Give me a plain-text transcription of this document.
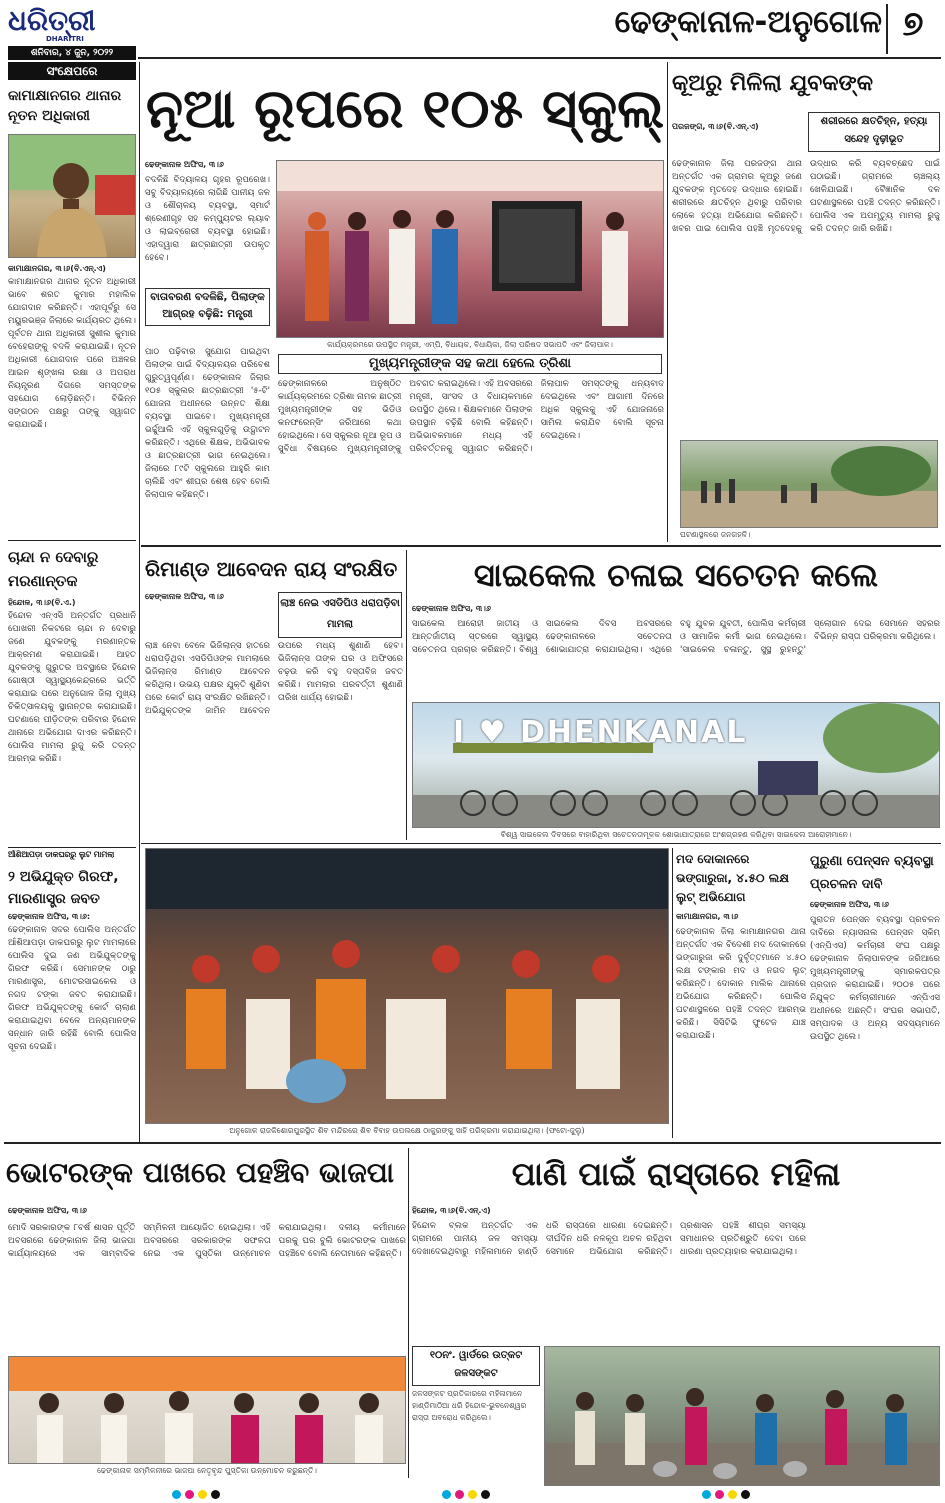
ଧରିତ୍ରୀ
DHARITRI
ଶନିବାର, ୪ ଜୁନ, ୨୦୨୨
ଢେଙ୍କାନାଳ-ଅନୁଗୋଳ ୭
ସଂକ୍ଷେପରେ
କାମାକ୍ଷାନଗର ଥାନାର ନୂତନ ଅଧିକାରୀ
କାମାକ୍ଷାନଗର, ୩।୬(ବି.ଏନ୍.ଏ)
କାମାକ୍ଷାନଗର ଥାନାର ନୂତନ ଅଧିକାରୀ ଭାବେ ଶରତ କୁମାର ମହାଲିକ ଯୋଗଦାନ କରିଛନ୍ତି। ଏହାପୂର୍ବରୁ ସେ ମୟୁରଭଞ୍ଜ ଜିଲାରେ କାର୍ଯ୍ୟରତ ଥିଲେ। ପୂର୍ବତନ ଥାନା ଅଧିକାରୀ ସୁଶୀଲ କୁମାର ବେହେରାଙ୍କୁ ବଦଳି କରାଯାଇଛି। ନୂତନ ଅଧିକାରୀ ଯୋଗଦାନ ପରେ ଅଞ୍ଚଳର ଆଇନ ଶୃଙ୍ଖଳା ରକ୍ଷା ଓ ଅପରାଧ ନିୟନ୍ତ୍ରଣ ଦିଗରେ ସମସ୍ତଙ୍କ ସହଯୋଗ ଲୋଡ଼ିଛନ୍ତି। ବିଭିନ୍ନ ସଙ୍ଗଠନ ପକ୍ଷରୁ ତାଙ୍କୁ ସ୍ୱାଗତ କରାଯାଇଛି।
ଚାନ୍ଦା ନ ଦେବାରୁ ମରଣାନ୍ତକ
ହିନ୍ଦୋଳ, ୩।୬(ବି.ଏ.)
ହିନ୍ଦୋଳ ଏନ୍ଏସି ଅନ୍ତର୍ଗତ ପ୍ରଧାନି ପୋଖରୀ ନିକଟରେ ଚାନ୍ଦା ନ ଦେବାରୁ ଜଣେ ଯୁବକଙ୍କୁ ମରଣାନ୍ତକ ଆକ୍ରମଣ କରାଯାଇଛି। ଆହତ ଯୁବକଙ୍କୁ ଗୁରୁତର ଅବସ୍ଥାରେ ହିନ୍ଦୋଳ ଗୋଷ୍ଠୀ ସ୍ୱାସ୍ଥ୍ୟକେନ୍ଦ୍ରରେ ଭର୍ତ୍ତି କରାଯାଇ ପରେ ଅନୁଗୋଳ ଜିଲା ମୁଖ୍ୟ ଚିକିତ୍ସାଳୟକୁ ସ୍ଥାନାନ୍ତର କରାଯାଇଛି। ଘଟଣାରେ ପୀଡ଼ିତଙ୍କ ପରିବାର ହିନ୍ଦୋଳ ଥାନାରେ ଅଭିଯୋଗ ଦାଏର କରିଛନ୍ତି। ପୋଲିସ ମାମଲା ରୁଜୁ କରି ତଦନ୍ତ ଆରମ୍ଭ କରିଛି।
ଆଁଶିଆପଡ଼ା ଡାକଘରରୁ ଲୁଟ ମାମଲା
୨ ଅଭିଯୁକ୍ତ ଗିରଫ, ମାରଣାସ୍ତ୍ର ଜବତ
ଢେଙ୍କାନାଳ ଅଫିସ, ୩।୬:
ଢେଙ୍କାନାଳ ସଦର ପୋଲିସ ଅନ୍ତର୍ଗତ ଆଁଶିଆପଡ଼ା ଡାକଘରରୁ ଲୁଟ ମାମଲାରେ ପୋଲିସ ଦୁଇ ଜଣ ଅଭିଯୁକ୍ତଙ୍କୁ ଗିରଫ କରିଛି। ସେମାନଙ୍କ ଠାରୁ ମାରଣାସ୍ତ୍ର, ମୋଟରସାଇକେଲ ଓ ନଗଦ ଟଙ୍କା ଜବତ କରାଯାଇଛି। ଗିରଫ ଅଭିଯୁକ୍ତଙ୍କୁ କୋର୍ଟ ଚାଲାଣ କରାଯାଇଥିବା ବେଳେ ଅନ୍ୟମାନଙ୍କ ସନ୍ଧାନ ଜାରି ରହିଛି ବୋଲି ପୋଲିସ ସୂଚନା ଦେଇଛି।
ନୂଆ ରୂପରେ ୧୦୫ ସ୍କୁଲ୍
ଢେଙ୍କାନାଳ ଅଫିସ, ୩।୬
ବଦଳିଛି ବିଦ୍ୟାଳୟ ଗୃହର ରୂପରେଖ। ସବୁ ବିଦ୍ୟାଳୟରେ ଲାଗିଛି ପାନୀୟ ଜଳ ଓ ଶୌଚାଳୟ ବ୍ୟବସ୍ଥା, ସ୍ମାର୍ଟ ଶ୍ରେଣୀଗୃହ ସହ କମ୍ପ୍ୟୁଟର ଲ୍ୟାବ ଓ ଲାଇବ୍ରେରୀ ବ୍ୟବସ୍ଥା ହୋଇଛି। ଏହାଦ୍ୱାରା ଛାତ୍ରଛାତ୍ରୀ ଉପକୃତ ହେବେ।
ବାତାବରଣ ବଦଳିଛି, ପିଲାଙ୍କ ଆଗ୍ରହ ବଢ଼ିଛି: ମନ୍ତ୍ରୀ
କାର୍ଯ୍ୟକ୍ରମରେ ଉପସ୍ଥିତ ମନ୍ତ୍ରୀ, ଏମ୍ପି, ବିଧାୟକ, ବିଧାୟିକା, ଜିଲା ପରିଷଦ ସଭାପତି ଏବଂ ଜିଲାପାଳ।
ପାଠ ପଢ଼ିବାର ସୁଯୋଗ ପାଇଥିବା ପିଲାଙ୍କ ପାଇଁ ବିଦ୍ୟାଳୟର ପରିବେଶ ଗୁରୁତ୍ୱପୂର୍ଣ୍ଣ। ଢେଙ୍କାନାଳ ଜିଲାର ୧୦୫ ସ୍କୁଲର ଛାତ୍ରଛାତ୍ରୀ '୫-ଟି' ଯୋଜନା ଅଧୀନରେ ଉନ୍ନତ ଶିକ୍ଷା ବ୍ୟବସ୍ଥା ପାଇବେ। ମୁଖ୍ୟମନ୍ତ୍ରୀ ଭର୍ଚ୍ଚୁଆଲି ଏହି ସ୍କୁଲଗୁଡ଼ିକୁ ଉଦ୍ଘାଟନ କରିଛନ୍ତି। ଏଥିରେ ଶିକ୍ଷକ, ଅଭିଭାବକ ଓ ଛାତ୍ରଛାତ୍ରୀ ଭାଗ ନେଇଥିଲେ। ଜିଲାରେ ୮୯ଟି ସ୍କୁଲରେ ଆହୁରି କାମ ଚାଲିଛି ଏବଂ ଶୀଘ୍ର ଶେଷ ହେବ ବୋଲି ଜିଲାପାଳ କହିଛନ୍ତି।
ମୁଖ୍ୟମନ୍ତ୍ରୀଙ୍କ ସହ କଥା ହେଲେ ତ୍ରିଶା
ଢେଙ୍କାନାଳରେ ଅନୁଷ୍ଠିତ କାର୍ଯ୍ୟକ୍ରମରେ ତ୍ରିଶା ନାମକ ଛାତ୍ରୀ ମୁଖ୍ୟମନ୍ତ୍ରୀଙ୍କ ସହ ଭିଡିଓ କନଫରେନ୍ସିଂ ଜରିଆରେ କଥା ହୋଇଥିଲେ। ସେ ସ୍କୁଲର ନୂଆ ରୂପ ଓ ସୁବିଧା ବିଷୟରେ ମୁଖ୍ୟମନ୍ତ୍ରୀଙ୍କୁ ଅବଗତ କରାଇଥିଲେ। ଏହି ଅବସରରେ ମନ୍ତ୍ରୀ, ସାଂସଦ ଓ ବିଧାୟକମାନେ ଉପସ୍ଥିତ ଥିଲେ। ଶିକ୍ଷକମାନେ ପିଲାଙ୍କ ଉପସ୍ଥାନ ବଢ଼ିଛି ବୋଲି କହିଛନ୍ତି। ଅଭିଭାବକମାନେ ମଧ୍ୟ ଏହି ପରିବର୍ତ୍ତନକୁ ସ୍ୱାଗତ କରିଛନ୍ତି। ଜିଲାପାଳ ସମସ୍ତଙ୍କୁ ଧନ୍ୟବାଦ ଦେଇଥିଲେ ଏବଂ ଆଗାମୀ ଦିନରେ ଅଧିକ ସ୍କୁଲକୁ ଏହି ଯୋଜନାରେ ସାମିଲ କରାଯିବ ବୋଲି ସୂଚନା ଦେଇଥିଲେ।
କୂଅରୁ ମିଳିଲା ଯୁବକଙ୍କ
ପରଜଙ୍ଗ, ୩।୬(ବି.ଏନ୍.ଏ)	ଶରୀରରେ କ୍ଷତଚିହ୍ନ, ହତ୍ୟା ସନ୍ଦେହ ଦୃଢ଼ୀଭୂତ
ଢେଙ୍କାନାଳ ଜିଲା ପରଜଙ୍ଗ ଥାନା ଅନ୍ତର୍ଗତ ଏକ ଗ୍ରାମର କୂଅରୁ ଜଣେ ଯୁବକଙ୍କ ମୃତଦେହ ଉଦ୍ଧାର ହୋଇଛି। ଶରୀରରେ କ୍ଷତଚିହ୍ନ ଥିବାରୁ ପରିବାର ଲୋକେ ହତ୍ୟା ଅଭିଯୋଗ କରିଛନ୍ତି। ଖବର ପାଇ ପୋଲିସ ପହଞ୍ଚି ମୃତଦେହକୁ ଉଦ୍ଧାର କରି ବ୍ୟବଚ୍ଛେଦ ପାଇଁ ପଠାଇଛି। ଗ୍ରାମରେ ଚାଞ୍ଚଲ୍ୟ ଖେଳିଯାଇଛି। ବୈଜ୍ଞାନିକ ଦଳ ଘଟଣାସ୍ଥଳରେ ପହଞ୍ଚି ତଦନ୍ତ କରିଛନ୍ତି। ପୋଲିସ ଏକ ଅପମୃତ୍ୟୁ ମାମଲା ରୁଜୁ କରି ତଦନ୍ତ ଜାରି ରଖିଛି।
ଘଟଣାସ୍ଥଳରେ ଜନଗହଳି।
ରିମାଣ୍ଡ ଆବେଦନ ରାୟ ସଂରକ୍ଷିତ
ଢେଙ୍କାନାଳ ଅଫିସ, ୩।୬
ଲାଞ୍ଚ ନେଇ ଏସଡିପିଓ ଧରାପଡ଼ିବା ମାମଲା
ଲାଞ୍ଚ ନେବା ବେଳେ ଭିଜିଲାନ୍ସ ହାତରେ ଧରାପଡ଼ିଥିବା ଏସଡିପିଓଙ୍କ ମାମଲାରେ ଭିଜିଲାନ୍ସ ରିମାଣ୍ଡ ଆବେଦନ କରିଥିଲା। ଉଭୟ ପକ୍ଷର ଯୁକ୍ତି ଶୁଣିବା ପରେ କୋର୍ଟ ରାୟ ସଂରକ୍ଷିତ ରଖିଛନ୍ତି। ଅଭିଯୁକ୍ତଙ୍କ ଜାମିନ ଆବେଦନ ଉପରେ ମଧ୍ୟ ଶୁଣାଣି ହେବ। ଭିଜିଲାନ୍ସ ତାଙ୍କ ଘର ଓ ଅଫିସରେ ଚଢ଼ଉ କରି ବହୁ ଦସ୍ତାବିଜ ଜବତ କରିଛି। ମାମଲାର ପରବର୍ତ୍ତୀ ଶୁଣାଣି ତାରିଖ ଧାର୍ଯ୍ୟ ହୋଇଛି।
ସାଇକେଲ ଚଳାଇ ସଚେତନ କଲେ
ଢେଙ୍କାନାଳ ଅଫିସ, ୩।୬
ସାଇକେଲ ଆରୋହୀ ଜାତୀୟ ଓ ଆନ୍ତର୍ଜାତୀୟ ସ୍ତରରେ ସ୍ୱାସ୍ଥ୍ୟ ସଚେତନତା ପ୍ରଚାର କରିଛନ୍ତି। ବିଶ୍ୱ ସାଇକେଲ ଦିବସ ଅବସରରେ ଢେଙ୍କାନାଳରେ ସଚେତନତା ଶୋଭାଯାତ୍ରା କରାଯାଇଥିଲା। ଏଥିରେ ବହୁ ଯୁବକ ଯୁବତୀ, ପୋଲିସ କର୍ମଚାରୀ ଓ ସାମାଜିକ କର୍ମୀ ଭାଗ ନେଇଥିଲେ। 'ସାଇକେଲ ଚଳାନ୍ତୁ, ସୁସ୍ଥ ରୁହନ୍ତୁ' ସ୍ଲୋଗାନ ଦେଇ ସେମାନେ ସହରର ବିଭିନ୍ନ ରାସ୍ତା ପରିକ୍ରମା କରିଥିଲେ।
I ♥ DHENKANAL
ବିଶ୍ୱ ସାଇକେଲ ଦିବସରେ ବାହାରିଥିବା ସଚେତନତାମୂଳକ ଶୋଭାଯାତ୍ରାରେ ଅଂଶଗ୍ରହଣ କରିଥିବା ସାଇକେଲ ଆରୋହୀମାନେ।
ଅନୁଗୋଳ ରାଜକିଶୋରପୁରସ୍ଥିତ ଶିବ ମନ୍ଦିରରେ ଶିବ ବିବାହ ଉପଲକ୍ଷେ ଠାକୁରଙ୍କୁ ସାହି ପରିକ୍ରମା କରାଯାଇଥିଲା। (ଫଟୋ-ଜୁଲୁ)
ମଦ ଦୋକାନରେ ଭଙ୍ଗାରୁଜା, ୪.୫୦ ଲକ୍ଷ ଲୁଟ୍ ଅଭିଯୋଗ
କାମାକ୍ଷାନଗର, ୩।୬
ଢେଙ୍କାନାଳ ଜିଲା କାମାକ୍ଷାନଗର ଥାନା ଅନ୍ତର୍ଗତ ଏକ ବିଦେଶୀ ମଦ ଦୋକାନରେ ଭଙ୍ଗାରୁଜା କରି ଦୁର୍ବୃତ୍ତମାନେ ୪.୫୦ ଲକ୍ଷ ଟଙ୍କାର ମଦ ଓ ନଗଦ ଲୁଟ୍ କରିଛନ୍ତି। ଦୋକାନ ମାଲିକ ଥାନାରେ ଅଭିଯୋଗ କରିଛନ୍ତି। ପୋଲିସ ଘଟଣାସ୍ଥଳରେ ପହଞ୍ଚି ତଦନ୍ତ ଆରମ୍ଭ କରିଛି। ସିସିଟିଭି ଫୁଟେଜ ଯାଞ୍ଚ କରାଯାଉଛି।
ପୁରୁଣା ପେନ୍ସନ ବ୍ୟବସ୍ଥା ପ୍ରଚଳନ ଦାବି
ଢେଙ୍କାନାଳ ଅଫିସ, ୩।୬
ପୁରାତନ ପେନ୍ସନ ବ୍ୟବସ୍ଥା ପ୍ରଚଳନ ଦାବିରେ ନ୍ୟାସନାଲ ପେନ୍ସନ ସ୍କିମ୍ (ଏନ୍ପିଏସ) କର୍ମଚାରୀ ସଂଘ ପକ୍ଷରୁ ଢେଙ୍କାନାଳ ଜିଲାପାଳଙ୍କ ଜରିଆରେ ମୁଖ୍ୟମନ୍ତ୍ରୀଙ୍କୁ ସ୍ମାରକପତ୍ର ପ୍ରଦାନ କରାଯାଇଛି। ୨୦୦୫ ପରେ ନିଯୁକ୍ତ କର୍ମଚାରୀମାନେ ଏନ୍ପିଏସ ଅଧୀନରେ ଅଛନ୍ତି। ସଂଘର ସଭାପତି, ସମ୍ପାଦକ ଓ ଅନ୍ୟ ସଦସ୍ୟମାନେ ଉପସ୍ଥିତ ଥିଲେ।
ଭୋଟରଙ୍କ ପାଖରେ ପହଞ୍ଚିବ ଭାଜପା
ଢେଙ୍କାନାଳ ଅଫିସ, ୩।୬
ମୋଦି ସରକାରଙ୍କ ୮ବର୍ଷ ଶାସନ ପୂର୍ତ୍ତି ଅବସରରେ ଢେଙ୍କାନାଳ ଜିଲା ଭାଜପା କାର୍ଯ୍ୟାଳୟରେ ଏକ ସାମ୍ବାଦିକ ସମ୍ମିଳନୀ ଆୟୋଜିତ ହୋଇଥିଲା। ଏହି ଅବସରରେ ସରକାରଙ୍କ ସଫଳତା ନେଇ ଏକ ପୁସ୍ତିକା ଉନ୍ମୋଚନ କରାଯାଇଥିଲା। ଦଳୀୟ କର୍ମୀମାନେ ଘରକୁ ଘର ବୁଲି ଭୋଟରଙ୍କ ପାଖରେ ପହଞ୍ଚିବେ ବୋଲି ନେତାମାନେ କହିଛନ୍ତି।
ଢେଙ୍କାନାଳ ସମ୍ମିଳନୀରେ ଭାଜପା ନେତୃବୃନ୍ଦ ପୁସ୍ତିକା ଉନ୍ମୋଚନ କରୁଛନ୍ତି।
ପାଣି ପାଇଁ ରାସ୍ତାରେ ମହିଳା
ହିନ୍ଦୋଳ, ୩।୬(ବି.ଏନ୍.ଏ)
ହିନ୍ଦୋଳ ବ୍ଲକ ଅନ୍ତର୍ଗତ ଏକ ଗ୍ରାମରେ ପାନୀୟ ଜଳ ସମସ୍ୟା ଦେଖାଦେଇଥିବାରୁ ମହିଳାମାନେ ହାଣ୍ଡି ଧରି ରାସ୍ତାରେ ଧାରଣା ଦେଇଛନ୍ତି। ଦୀର୍ଘଦିନ ଧରି ନଳକୂପ ଅଚଳ ରହିଥିବା ସେମାନେ ଅଭିଯୋଗ କରିଛନ୍ତି। ପ୍ରଶାସନ ପହଞ୍ଚି ଶୀଘ୍ର ସମସ୍ୟା ସମାଧାନର ପ୍ରତିଶ୍ରୁତି ଦେବା ପରେ ଧାରଣା ପ୍ରତ୍ୟାହାର କରାଯାଇଥିଲା।
୧୦ନଂ. ୱାର୍ଡରେ ଉତ୍କଟ ଜଳସଙ୍କଟ
ଜଳସଙ୍କଟ ପ୍ରତିକାରରେ ମହିଳାମାନେ ହାଣ୍ଡିମାଠିଆ ଧରି ହିନ୍ଦୋଳ-ଭୁବନେଶ୍ୱର ରାସ୍ତା ଅବରୋଧ କରିଥିଲେ।
